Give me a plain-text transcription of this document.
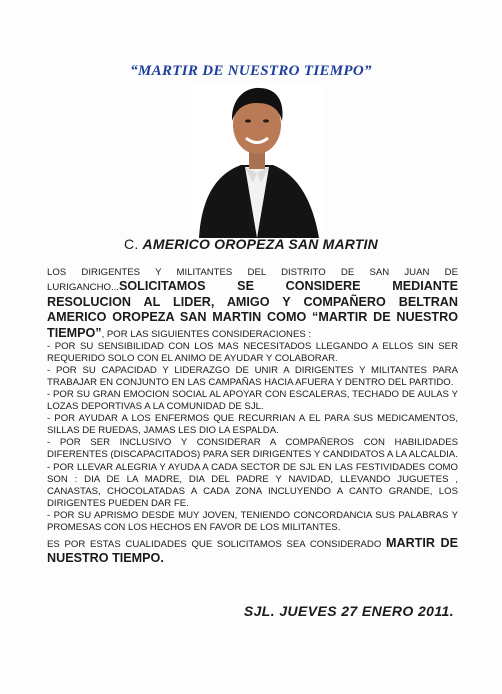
“MARTIR DE NUESTRO TIEMPO”
C. AMERICO OROPEZA SAN MARTIN

LOS DIRIGENTES Y MILITANTES DEL DISTRITO DE SAN JUAN DE LURIGANCHO...SOLICITAMOS SE CONSIDERE MEDIANTE RESOLUCION AL LIDER, AMIGO Y COMPAÑERO BELTRAN AMERICO OROPEZA SAN MARTIN COMO “MARTIR DE NUESTRO TIEMPO”, POR LAS SIGUIENTES CONSIDERACIONES :

- POR SU SENSIBILIDAD CON LOS MAS NECESITADOS LLEGANDO A ELLOS SIN SER REQUERIDO SOLO CON EL ANIMO DE AYUDAR Y COLABORAR.

- POR SU CAPACIDAD Y LIDERAZGO DE UNIR A DIRIGENTES Y MILITANTES PARA TRABAJAR EN CONJUNTO EN LAS CAMPAÑAS HACIA AFUERA Y DENTRO DEL PARTIDO.

- POR SU GRAN EMOCION SOCIAL AL APOYAR CON ESCALERAS, TECHADO DE AULAS Y LOZAS DEPORTIVAS A LA COMUNIDAD DE SJL.

- POR AYUDAR A LOS ENFERMOS QUE RECURRIAN A EL PARA SUS MEDICAMENTOS, SILLAS DE RUEDAS, JAMAS LES DIO LA ESPALDA.

- POR SER INCLUSIVO Y CONSIDERAR A COMPAÑEROS CON HABILIDADES DIFERENTES (DISCAPACITADOS) PARA SER DIRIGENTES Y CANDIDATOS A LA ALCALDIA.

- POR LLEVAR ALEGRIA Y AYUDA A CADA SECTOR DE SJL EN LAS FESTIVIDADES COMO SON : DIA DE LA MADRE, DIA DEL PADRE Y NAVIDAD, LLEVANDO JUGUETES , CANASTAS, CHOCOLATADAS A CADA ZONA INCLUYENDO A CANTO GRANDE, LOS DIRIGENTES PUEDEN DAR FE.

- POR SU APRISMO DESDE MUY JOVEN, TENIENDO CONCORDANCIA SUS PALABRAS Y PROMESAS CON LOS HECHOS EN FAVOR DE LOS MILITANTES.

ES POR ESTAS CUALIDADES QUE SOLICITAMOS SEA CONSIDERADO MARTIR DE NUESTRO TIEMPO.

SJL. JUEVES 27 ENERO 2011.
